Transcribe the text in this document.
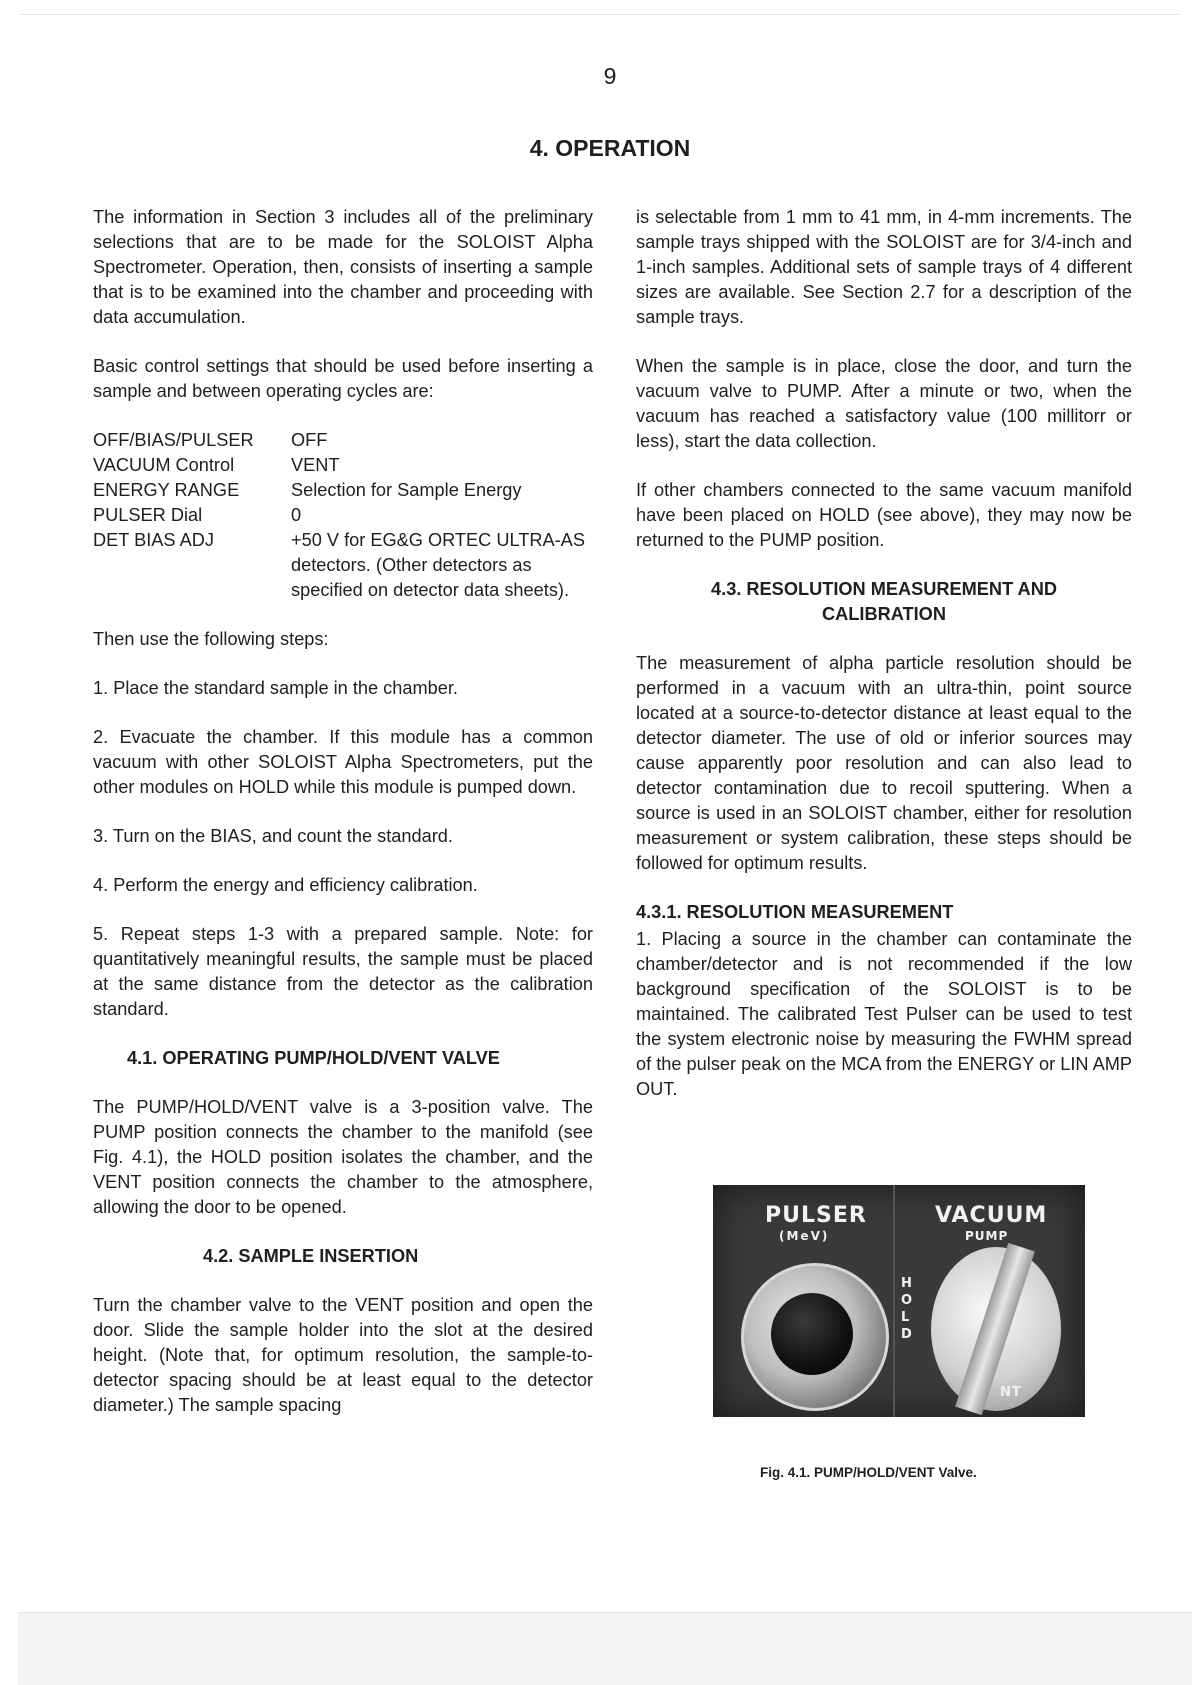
9
4. OPERATION

The information in Section 3 includes all of the preliminary selections that are to be made for the SOLOIST Alpha Spectrometer. Operation, then, consists of inserting a sample that is to be examined into the chamber and proceeding with data accumulation.

Basic control settings that should be used before inserting a sample and between operating cycles are:

OFF/BIAS/PULSER	OFF
VACUUM Control	VENT
ENERGY RANGE	Selection for Sample Energy
PULSER Dial	0
DET BIAS ADJ	+50 V for EG&G ORTEC ULTRA-AS detectors. (Other detectors as specified on detector data sheets).

Then use the following steps:

1. Place the standard sample in the chamber.

2. Evacuate the chamber. If this module has a common vacuum with other SOLOIST Alpha Spectrometers, put the other modules on HOLD while this module is pumped down.

3. Turn on the BIAS, and count the standard.

4. Perform the energy and efficiency calibration.

5. Repeat steps 1-3 with a prepared sample. Note: for quantitatively meaningful results, the sample must be placed at the same distance from the detector as the calibration standard.

4.1. OPERATING PUMP/HOLD/VENT VALVE

The PUMP/HOLD/VENT valve is a 3-position valve. The PUMP position connects the chamber to the manifold (see Fig. 4.1), the HOLD position isolates the chamber, and the VENT position connects the chamber to the atmosphere, allowing the door to be opened.

4.2. SAMPLE INSERTION

Turn the chamber valve to the VENT position and open the door. Slide the sample holder into the slot at the desired height. (Note that, for optimum resolution, the sample-to-detector spacing should be at least equal to the detector diameter.) The sample spacing

is selectable from 1 mm to 41 mm, in 4-mm increments. The sample trays shipped with the SOLOIST are for 3/4-inch and 1-inch samples. Additional sets of sample trays of 4 different sizes are available. See Section 2.7 for a description of the sample trays.

When the sample is in place, close the door, and turn the vacuum valve to PUMP. After a minute or two, when the vacuum has reached a satisfactory value (100 millitorr or less), start the data collection.

If other chambers connected to the same vacuum manifold have been placed on HOLD (see above), they may now be returned to the PUMP position.

4.3. RESOLUTION MEASUREMENT AND
CALIBRATION

The measurement of alpha particle resolution should be performed in a vacuum with an ultra-thin, point source located at a source-to-detector distance at least equal to the detector diameter. The use of old or inferior sources may cause apparently poor resolution and can also lead to detector contamination due to recoil sputtering. When a source is used in an SOLOIST chamber, either for resolution measurement or system calibration, these steps should be followed for optimum results.

4.3.1. RESOLUTION MEASUREMENT

1. Placing a source in the chamber can contaminate the chamber/detector and is not recommended if the low background specification of the SOLOIST is to be maintained. The calibrated Test Pulser can be used to test the system electronic noise by measuring the FWHM spread of the pulser peak on the MCA from the ENERGY or LIN AMP OUT.

PULSER
(MeV)
VACUUM
PUMP
HOLD
NT
Fig. 4.1. PUMP/HOLD/VENT Valve.
